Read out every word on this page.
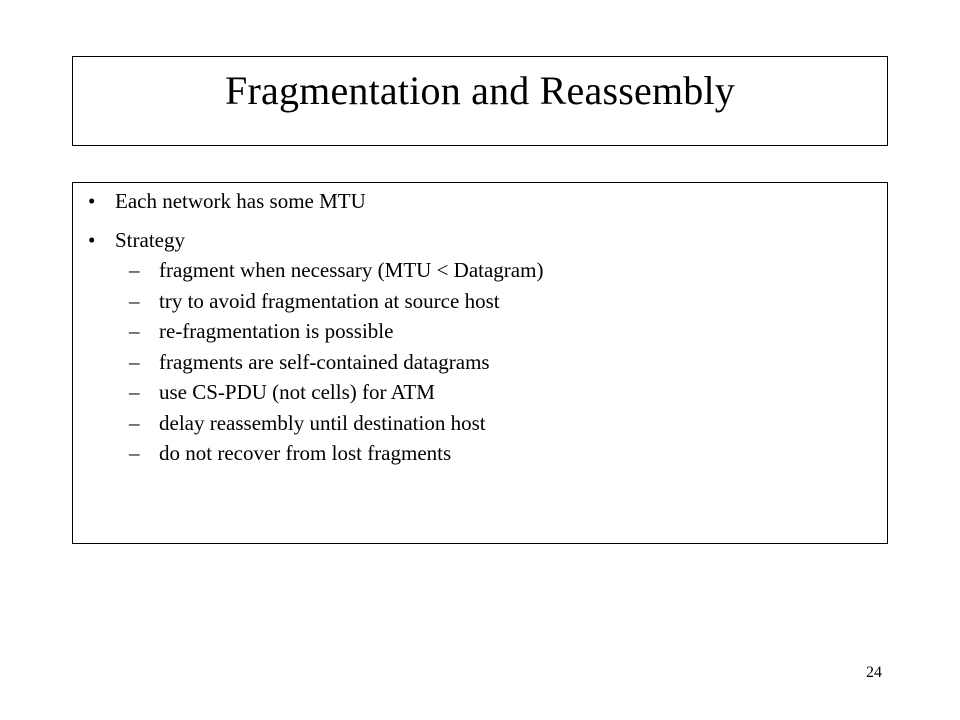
Fragmentation and Reassembly
• Each network has some MTU
• Strategy
– fragment when necessary (MTU < Datagram)
– try to avoid fragmentation at source host
– re-fragmentation is possible
– fragments are self-contained datagrams
– use CS-PDU (not cells) for ATM
– delay reassembly until destination host
– do not recover from lost fragments
24
